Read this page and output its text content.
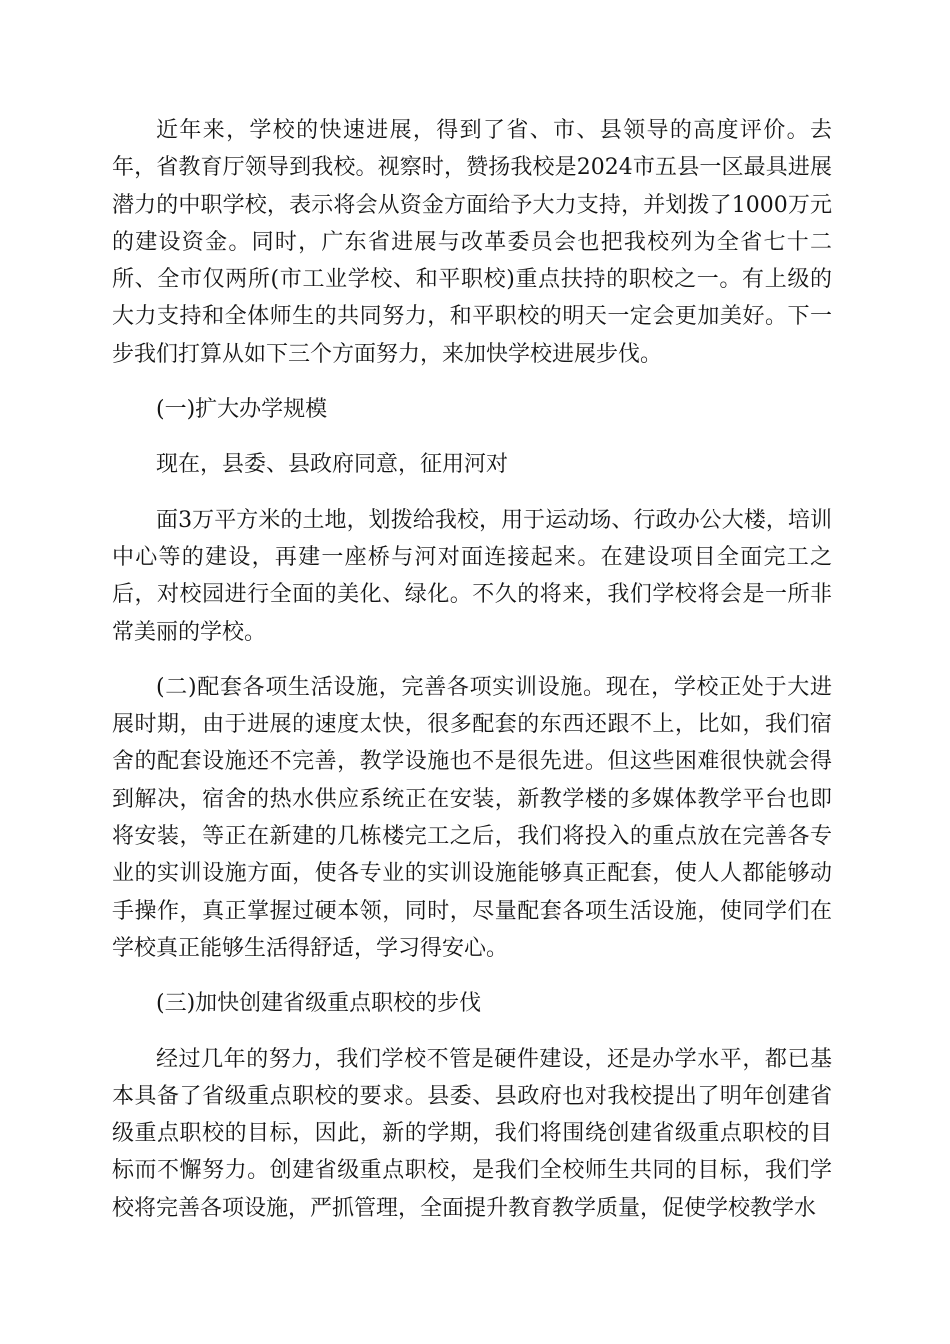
近年来，学校的快速进展，得到了省、市、县领导的高度评价。去年，省教育厅领导到我校。视察时，赞扬我校是2024市五县一区最具进展潜力的中职学校，表示将会从资金方面给予大力支持，并划拨了1000万元的建设资金。同时，广东省进展与改革委员会也把我校列为全省七十二所、全市仅两所(市工业学校、和平职校)重点扶持的职校之一。有上级的大力支持和全体师生的共同努力，和平职校的明天一定会更加美好。下一步我们打算从如下三个方面努力，来加快学校进展步伐。

(一)扩大办学规模

现在，县委、县政府同意，征用河对

面3万平方米的土地，划拨给我校，用于运动场、行政办公大楼，培训中心等的建设，再建一座桥与河对面连接起来。在建设项目全面完工之后，对校园进行全面的美化、绿化。不久的将来，我们学校将会是一所非常美丽的学校。

(二)配套各项生活设施，完善各项实训设施。现在，学校正处于大进展时期，由于进展的速度太快，很多配套的东西还跟不上，比如，我们宿舍的配套设施还不完善，教学设施也不是很先进。但这些困难很快就会得到解决，宿舍的热水供应系统正在安装，新教学楼的多媒体教学平台也即将安装，等正在新建的几栋楼完工之后，我们将投入的重点放在完善各专业的实训设施方面，使各专业的实训设施能够真正配套，使人人都能够动手操作，真正掌握过硬本领，同时，尽量配套各项生活设施，使同学们在学校真正能够生活得舒适，学习得安心。

(三)加快创建省级重点职校的步伐

经过几年的努力，我们学校不管是硬件建设，还是办学水平，都已基本具备了省级重点职校的要求。县委、县政府也对我校提出了明年创建省级重点职校的目标，因此，新的学期，我们将围绕创建省级重点职校的目标而不懈努力。创建省级重点职校，是我们全校师生共同的目标，我们学校将完善各项设施，严抓管理，全面提升教育教学质量，促使学校教学水
